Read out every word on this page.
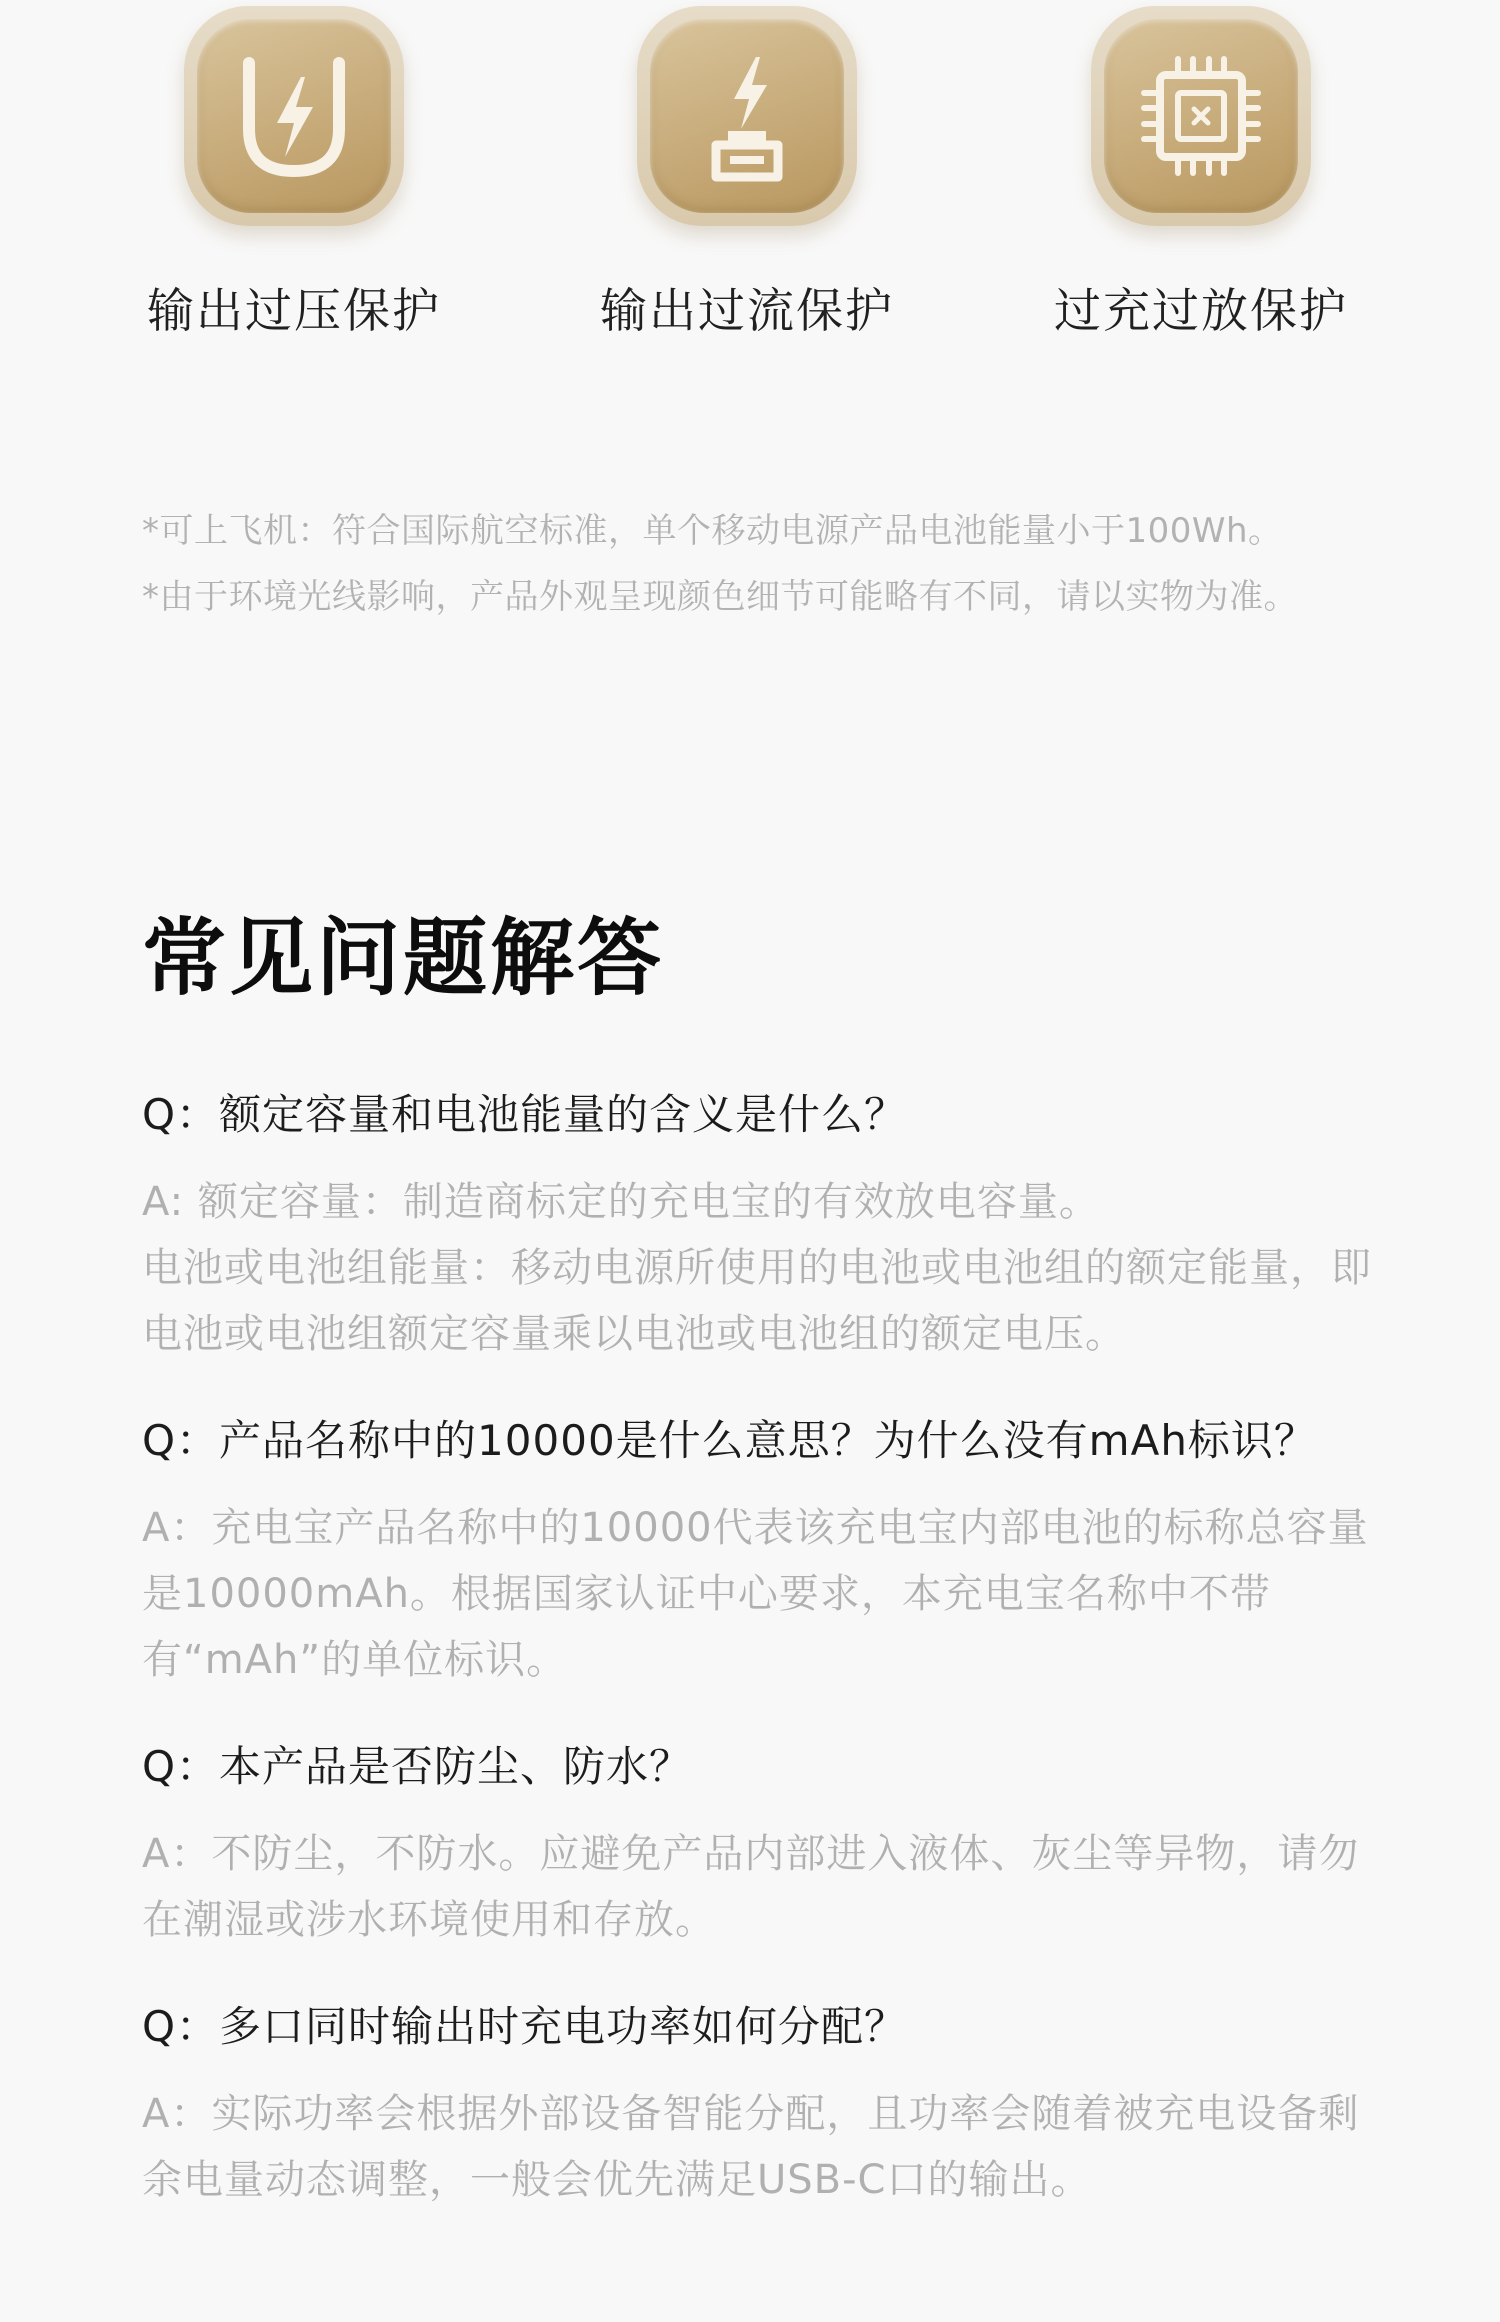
输出过压保护	输出过流保护	过充过放保护

*可上飞机：符合国际航空标准，单个移动电源产品电池能量小于100Wh。

*由于环境光线影响，产品外观呈现颜色细节可能略有不同，请以实物为准。

常见问题解答

Q：额定容量和电池能量的含义是什么？

A: 额定容量：制造商标定的充电宝的有效放电容量。
电池或电池组能量：移动电源所使用的电池或电池组的额定能量，即电池或电池组额定容量乘以电池或电池组的额定电压。

Q：产品名称中的10000是什么意思？为什么没有mAh标识？

A：充电宝产品名称中的10000代表该充电宝内部电池的标称总容量是10000mAh。根据国家认证中心要求，本充电宝名称中不带有“mAh”的单位标识。

Q：本产品是否防尘、防水？

A：不防尘，不防水。应避免产品内部进入液体、灰尘等异物，请勿在潮湿或涉水环境使用和存放。

Q：多口同时输出时充电功率如何分配？

A：实际功率会根据外部设备智能分配，且功率会随着被充电设备剩余电量动态调整，一般会优先满足USB-C口的输出。
